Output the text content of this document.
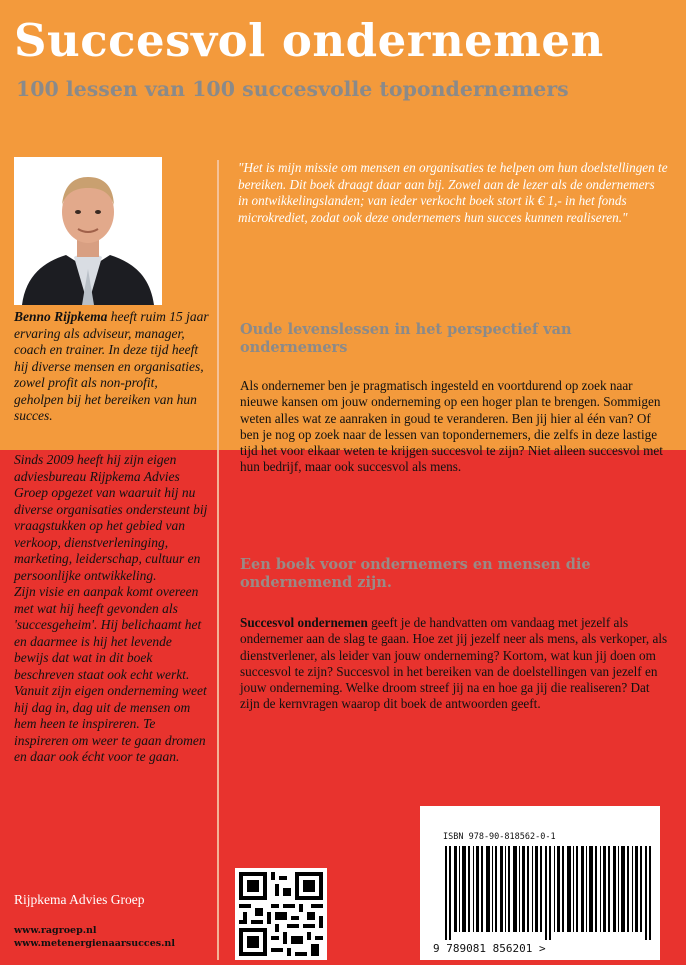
Succesvol ondernemen
100 lessen van 100 succesvolle topondernemers

Benno Rijpkema heeft ruim 15 jaar ervaring als adviseur, manager, coach en trainer. In deze tijd heeft hij diverse mensen en organisaties, zowel profit als non-profit, geholpen bij het bereiken van hun succes.

Sinds 2009 heeft hij zijn eigen adviesbureau Rijpkema Advies Groep opgezet van waaruit hij nu diverse organisaties ondersteunt bij vraagstukken op het gebied van verkoop, dienstverleninging, marketing, leiderschap, cultuur en persoonlijke ontwikkeling.

Zijn visie en aanpak komt overeen met wat hij heeft gevonden als 'succesgeheim'. Hij belichaamt het en daarmee is hij het levende bewijs dat wat in dit boek beschreven staat ook echt werkt.

Vanuit zijn eigen onderneming weet hij dag in, dag uit de mensen om hem heen te inspireren. Te inspireren om weer te gaan dromen en daar ook écht voor te gaan.

"Het is mijn missie om mensen en organisaties te helpen om hun doelstellingen te bereiken. Dit boek draagt daar aan bij. Zowel aan de lezer als de ondernemers in ontwikkelingslanden; van ieder verkocht boek stort ik € 1,- in het fonds microkrediet, zodat ook deze ondernemers hun succes kunnen realiseren."

Oude levenslessen in het perspectief van ondernemers
Als ondernemer ben je pragmatisch ingesteld en voortdurend op zoek naar nieuwe kansen om jouw onderneming op een hoger plan te brengen. Sommigen weten alles wat ze aanraken in goud te veranderen. Ben jij hier al één van? Of ben je nog op zoek naar de lessen van topondernemers, die zelfs in deze lastige tijd het voor elkaar weten te krijgen succesvol te zijn? Niet alleen succesvol met hun bedrijf, maar ook succesvol als mens.
Een boek voor ondernemers en mensen die ondernemend zijn.
Succesvol ondernemen geeft je de handvatten om vandaag met jezelf als ondernemer aan de slag te gaan. Hoe zet jij jezelf neer als mens, als verkoper, als dienstverlener, als leider van jouw onderneming? Kortom, wat kun jij doen om succesvol te zijn? Succesvol in het bereiken van de doelstellingen van jezelf en jouw onderneming. Welke droom streef jij na en hoe ga jij die realiseren? Dat zijn de kernvragen waarop dit boek de antwoorden geeft.
Rijpkema Advies Groep
www.ragroep.nl
www.metenergienaarsucces.nl
ISBN 978-90-818562-0-1
9 789081 856201 >
